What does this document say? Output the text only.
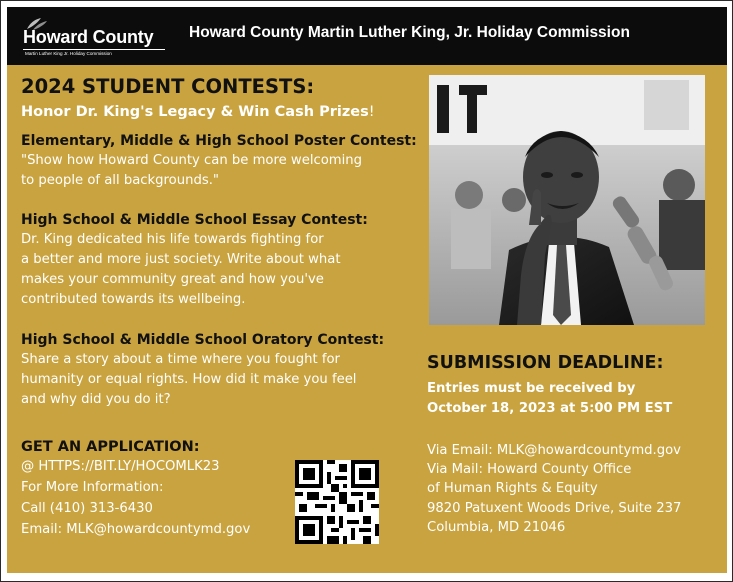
Howard County
Martin Luther King Jr. Holiday Commission
Howard County Martin Luther King, Jr. Holiday Commission
2024 STUDENT CONTESTS:
Honor Dr. King's Legacy & Win Cash Prizes!
Elementary, Middle & High School Poster Contest:
"Show how Howard County can be more welcoming
to people of all backgrounds."
High School & Middle School Essay Contest:
Dr. King dedicated his life towards fighting for
a better and more just society. Write about what
makes your community great and how you've
contributed towards its wellbeing.
High School & Middle School Oratory Contest:
Share a story about a time where you fought for
humanity or equal rights. How did it make you feel
and why did you do it?
GET AN APPLICATION:
@ HTTPS://BIT.LY/HOCOMLK23
For More Information:
Call (410) 313-6430
Email: MLK@howardcountymd.gov
SUBMISSION DEADLINE:
Entries must be received by
October 18, 2023 at 5:00 PM EST
Via Email: MLK@howardcountymd.gov
Via Mail: Howard County Office
of Human Rights & Equity
9820 Patuxent Woods Drive, Suite 237
Columbia, MD 21046
